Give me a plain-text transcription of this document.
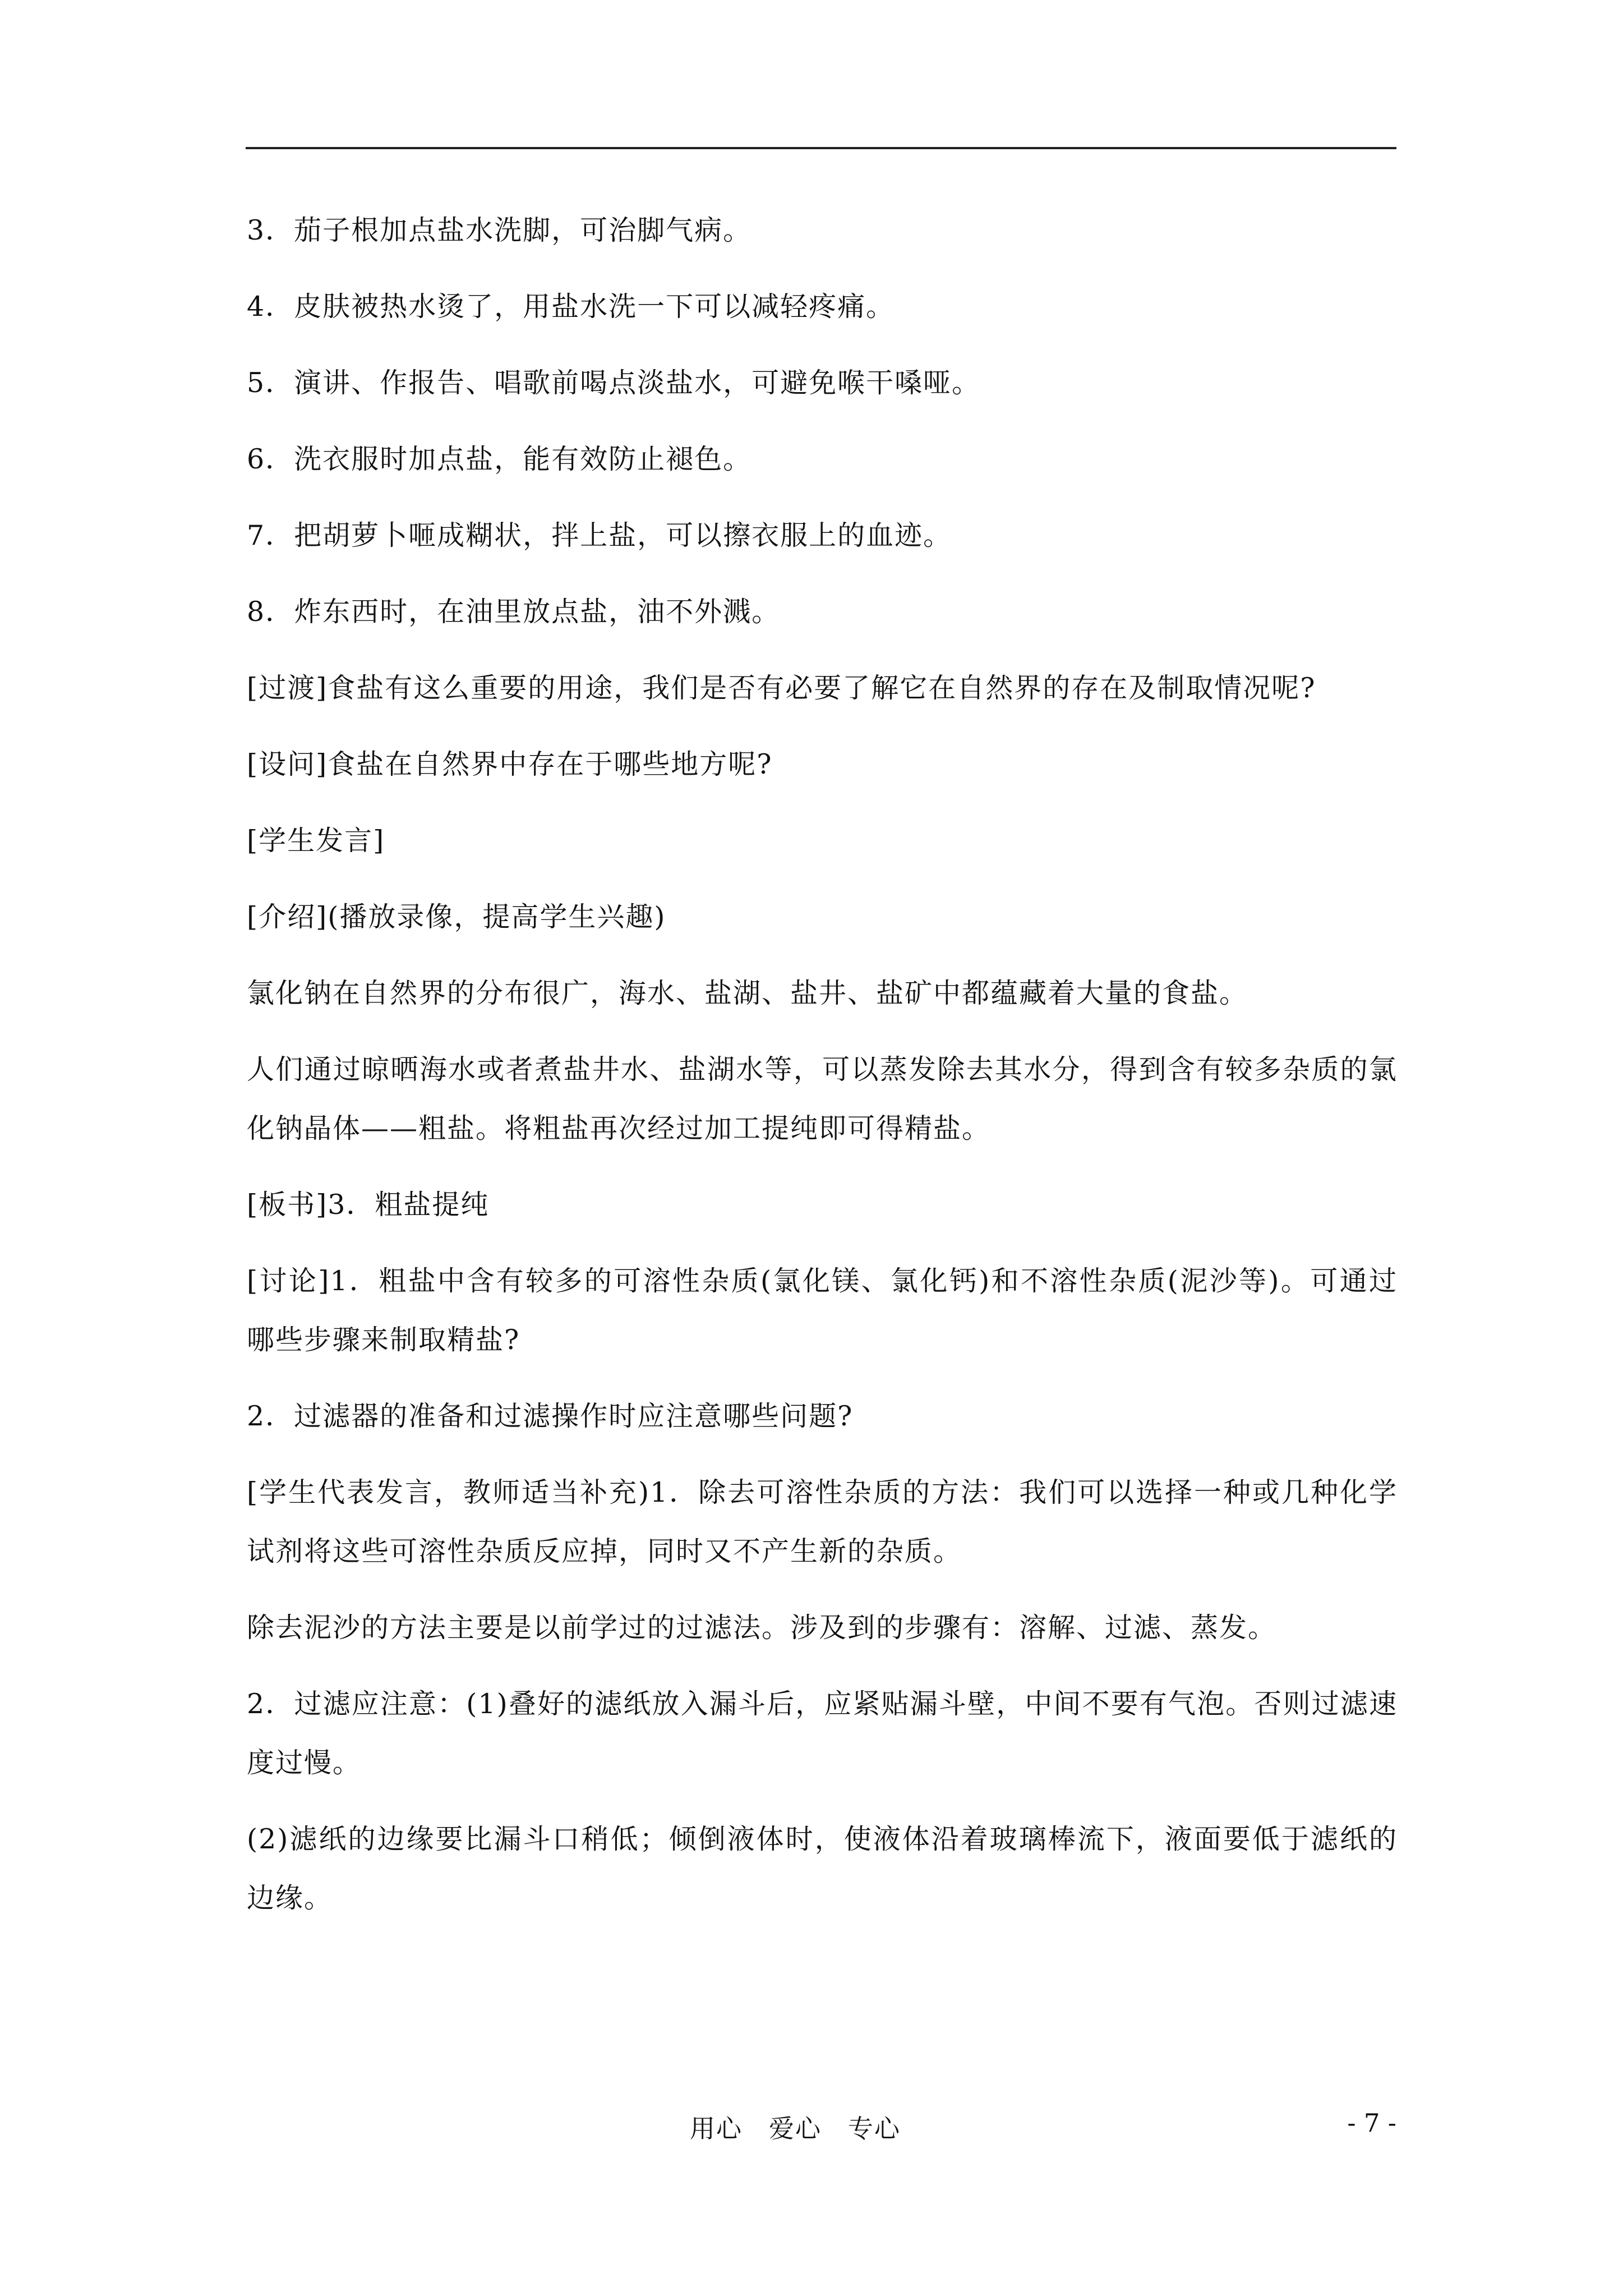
3．茄子根加点盐水洗脚，可治脚气病。
4．皮肤被热水烫了，用盐水洗一下可以减轻疼痛。
5．演讲、作报告、唱歌前喝点淡盐水，可避免喉干嗓哑。
6．洗衣服时加点盐，能有效防止褪色。
7．把胡萝卜咂成糊状，拌上盐，可以擦衣服上的血迹。
8．炸东西时，在油里放点盐，油不外溅。
[过渡]食盐有这么重要的用途，我们是否有必要了解它在自然界的存在及制取情况呢?
[设问]食盐在自然界中存在于哪些地方呢?
[学生发言]
[介绍](播放录像，提高学生兴趣)
氯化钠在自然界的分布很广，海水、盐湖、盐井、盐矿中都蕴藏着大量的食盐。
人们通过晾晒海水或者煮盐井水、盐湖水等，可以蒸发除去其水分，得到含有较多杂质的氯
化钠晶体——粗盐。将粗盐再次经过加工提纯即可得精盐。
[板书]3．粗盐提纯
[讨论]1．粗盐中含有较多的可溶性杂质(氯化镁、氯化钙)和不溶性杂质(泥沙等)。可通过
哪些步骤来制取精盐?
2．过滤器的准备和过滤操作时应注意哪些问题?
[学生代表发言，教师适当补充)1．除去可溶性杂质的方法：我们可以选择一种或几种化学
试剂将这些可溶性杂质反应掉，同时又不产生新的杂质。
除去泥沙的方法主要是以前学过的过滤法。涉及到的步骤有：溶解、过滤、蒸发。
2．过滤应注意：(1)叠好的滤纸放入漏斗后，应紧贴漏斗壁，中间不要有气泡。否则过滤速
度过慢。
(2)滤纸的边缘要比漏斗口稍低；倾倒液体时，使液体沿着玻璃棒流下，液面要低于滤纸的
边缘。
用心　爱心　专心	- 7 -
